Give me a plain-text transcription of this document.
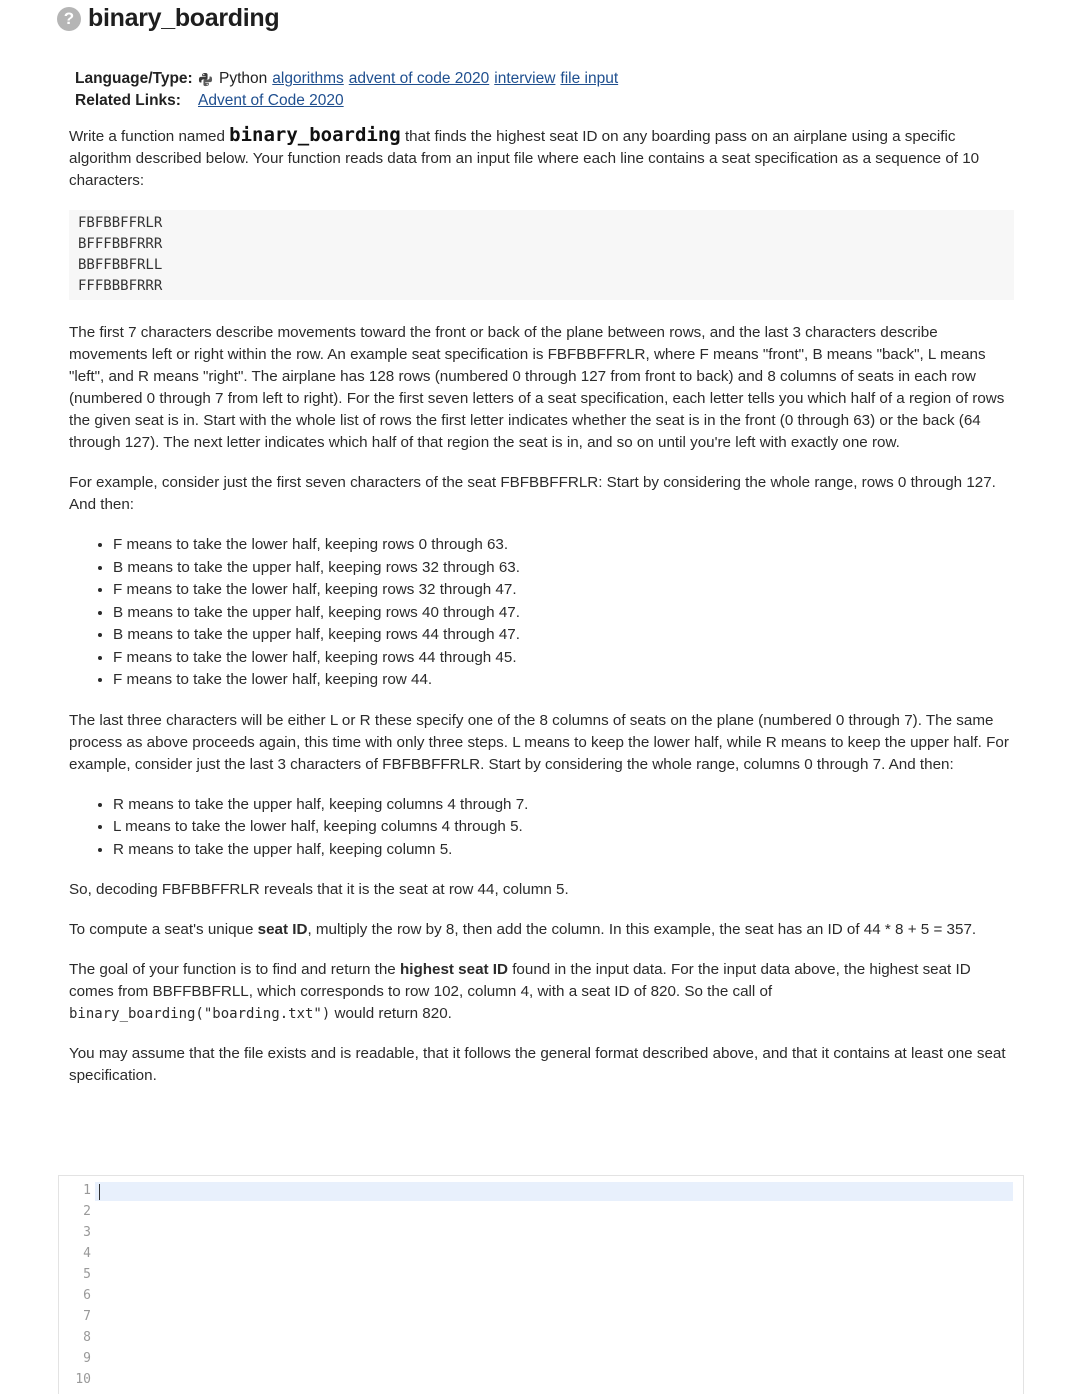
? binary_boarding
Language/Type:	Python algorithms advent of code 2020 interview file input
Related Links:	Advent of Code 2020

Write a function named binary_boarding that finds the highest seat ID on any boarding pass on an airplane using a specific algorithm described below. Your function reads data from an input file where each line contains a seat specification as a sequence of 10 characters:

FBFBBFFRLR
BFFFBBFRRR
BBFFBBFRLL
FFFBBBFRRR

The first 7 characters describe movements toward the front or back of the plane between rows, and the last 3 characters describe movements left or right within the row. An example seat specification is FBFBBFFRLR, where F means "front", B means "back", L means "left", and R means "right". The airplane has 128 rows (numbered 0 through 127 from front to back) and 8 columns of seats in each row (numbered 0 through 7 from left to right). For the first seven letters of a seat specification, each letter tells you which half of a region of rows the given seat is in. Start with the whole list of rows the first letter indicates whether the seat is in the front (0 through 63) or the back (64 through 127). The next letter indicates which half of that region the seat is in, and so on until you're left with exactly one row.

For example, consider just the first seven characters of the seat FBFBBFFRLR: Start by considering the whole range, rows 0 through 127. And then:

• F means to take the lower half, keeping rows 0 through 63.
• B means to take the upper half, keeping rows 32 through 63.
• F means to take the lower half, keeping rows 32 through 47.
• B means to take the upper half, keeping rows 40 through 47.
• B means to take the upper half, keeping rows 44 through 47.
• F means to take the lower half, keeping rows 44 through 45.
• F means to take the lower half, keeping row 44.

The last three characters will be either L or R these specify one of the 8 columns of seats on the plane (numbered 0 through 7). The same process as above proceeds again, this time with only three steps. L means to keep the lower half, while R means to keep the upper half. For example, consider just the last 3 characters of FBFBBFFRLR. Start by considering the whole range, columns 0 through 7. And then:

• R means to take the upper half, keeping columns 4 through 7.
• L means to take the lower half, keeping columns 4 through 5.
• R means to take the upper half, keeping column 5.

So, decoding FBFBBFFRLR reveals that it is the seat at row 44, column 5.

To compute a seat's unique seat ID, multiply the row by 8, then add the column. In this example, the seat has an ID of 44 * 8 + 5 = 357.

The goal of your function is to find and return the highest seat ID found in the input data. For the input data above, the highest seat ID comes from BBFFBBFRLL, which corresponds to row 102, column 4, with a seat ID of 820. So the call of binary_boarding("boarding.txt") would return 820.

You may assume that the file exists and is readable, that it follows the general format described above, and that it contains at least one seat specification.

1
2
3
4
5
6
7
8
9
10
